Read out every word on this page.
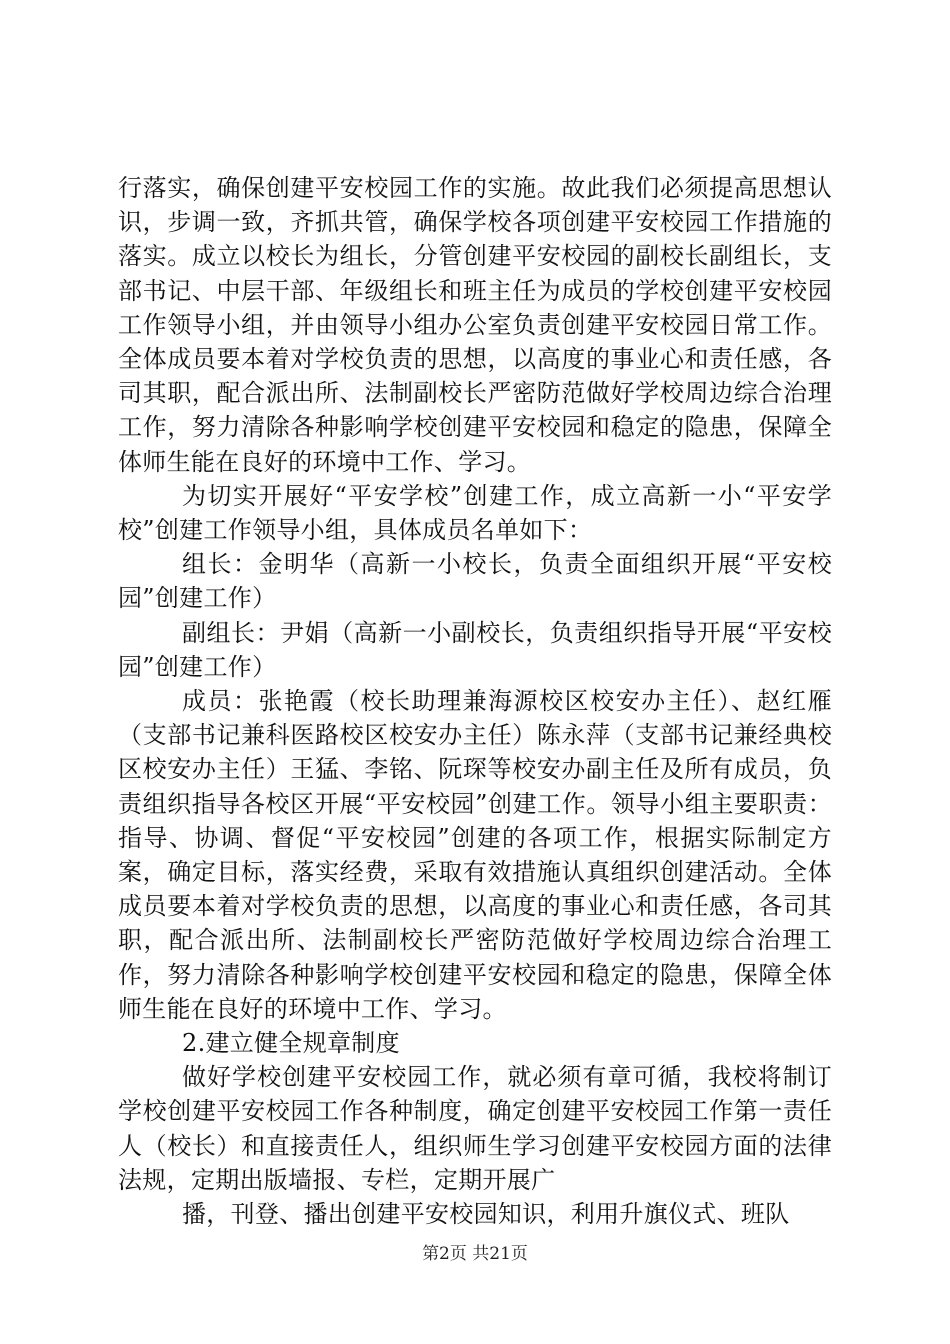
行落实，确保创建平安校园工作的实施。故此我们必须提高思想认识，步调一致，齐抓共管，确保学校各项创建平安校园工作措施的落实。成立以校长为组长，分管创建平安校园的副校长副组长，支部书记、中层干部、年级组长和班主任为成员的学校创建平安校园工作领导小组，并由领导小组办公室负责创建平安校园日常工作。全体成员要本着对学校负责的思想，以高度的事业心和责任感，各司其职，配合派出所、法制副校长严密防范做好学校周边综合治理工作，努力清除各种影响学校创建平安校园和稳定的隐患，保障全体师生能在良好的环境中工作、学习。

为切实开展好“平安学校”创建工作，成立高新一小“平安学校”创建工作领导小组，具体成员名单如下：

组长：金明华（高新一小校长，负责全面组织开展“平安校园”创建工作）

副组长：尹娟（高新一小副校长，负责组织指导开展“平安校园”创建工作）

成员：张艳霞（校长助理兼海源校区校安办主任）、赵红雁（支部书记兼科医路校区校安办主任）陈永萍（支部书记兼经典校区校安办主任）王猛、李铭、阮琛等校安办副主任及所有成员，负责组织指导各校区开展“平安校园”创建工作。领导小组主要职责：指导、协调、督促“平安校园”创建的各项工作，根据实际制定方案，确定目标，落实经费，采取有效措施认真组织创建活动。全体成员要本着对学校负责的思想，以高度的事业心和责任感，各司其职，配合派出所、法制副校长严密防范做好学校周边综合治理工作，努力清除各种影响学校创建平安校园和稳定的隐患，保障全体师生能在良好的环境中工作、学习。

2.建立健全规章制度

做好学校创建平安校园工作，就必须有章可循，我校将制订学校创建平安校园工作各种制度，确定创建平安校园工作第一责任人（校长）和直接责任人，组织师生学习创建平安校园方面的法律法规，定期出版墙报、专栏，定期开展广

播，刊登、播出创建平安校园知识，利用升旗仪式、班队

第2页 共21页
